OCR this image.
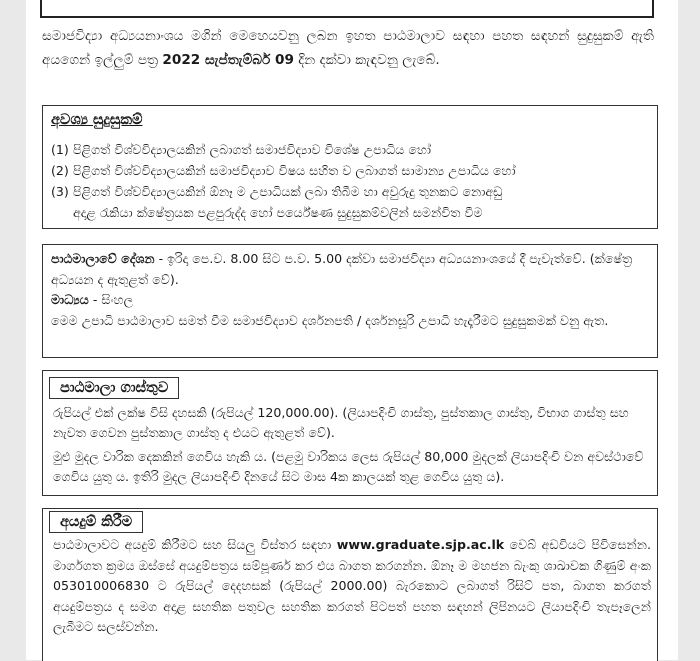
සමාජවිද්‍යා අධ්‍යයනාංශය මගින් මෙහෙයවනු ලබන ඉහත පාඨමාලාව සඳහා පහත සඳහන් සුදුසුකම් ඇති අයගෙන් ඉල්ලුම් පත්‍ර 2022 සැප්තැම්බර් 09 දින දක්වා කැඳවනු ලැබේ.
අවශ්‍ය සුදුසුකම්
(1) පිළිගත් විශ්වවිද්‍යාලයකින් ලබාගත් සමාජවිද්‍යාව විශේෂ උපාධිය හෝ
(2) පිළිගත් විශ්වවිද්‍යාලයකින් සමාජවිද්‍යාව විෂය සහිත ව ලබාගත් සාමාන්‍ය උපාධිය හෝ
(3) පිළිගත් විශ්වවිද්‍යාලයකින් ඕනෑ ම උපාධියක් ලබා තිබීම හා අවුරුදු තුනකට නොඅඩු
අදාළ රැකියා ක්ෂේත්‍රයක පළපුරුද්ද හෝ පර්යේෂණ සුදුසුකම්වලින් සමන්විත වීම
පාඨමාලාවේ දේශන - ඉරිදා පෙ.ව. 8.00 සිට ප.ව. 5.00 දක්වා සමාජවිද්‍යා අධ්‍යයනාංශයේ දී පැවැත්වේ. (ක්ෂේත්‍ර අධ්‍යයන ද ඇතුළත් වේ).
මාධ්‍යය - සිංහල
මෙම උපාධි පාඨමාලාව සමත් වීම සමාජවිද්‍යාව දර්ශනපති / දර්ශනසූරි උපාධි හැදෑරීමට සුදුසුකමක් වනු ඇත.
පාඨමාලා ගාස්තුව

රුපියල් එක් ලක්ෂ විසි දහසකි (රුපියල් 120,000.00). (ලියාපදිංචි ගාස්තු, පුස්තකාල ගාස්තු, විභාග ගාස්තු සහ නැවත ගෙවන පුස්තකාල ගාස්තු ද එයට ඇතුළත් වේ).

මුළු මුදල වාරික දෙකකින් ගෙවිය හැකි ය. (පළමු වාරිකය ලෙස රුපියල් 80,000 මුදලක් ලියාපදිංචි වන අවස්ථාවේ ගෙවිය යුතු ය. ඉතිරි මුදල ලියාපදිංචි දිනයේ සිට මාස 4ක කාලයක් තුළ ගෙවිය යුතු ය).

අයදුම් කිරීම
පාඨමාලාවට අයදුම් කිරීමට සහ සියලු විස්තර සඳහා www.graduate.sjp.ac.lk වෙබ් අඩවියට පිවිසෙන්න. මාර්ගගත ක්‍රමය ඔස්සේ අයදුම්පත්‍රය සම්පූර්ණ කර එය බාගත කරගන්න. ඕනෑ ම මහජන බැංකු ශාඛාවක ගිණුම් අංක 053010006830 ට රුපියල් දෙදහසක් (රුපියල් 2000.00) බැරකොට ලබාගත් රිසිට් පත, බාගත කරගත් අයදුම්පත්‍රය ද සමග අදාළ සහතික පතුවල සහතික කරගත් පිටපත් පහත සඳහන් ලිපිනයට ලියාපදිංචි තැපෑලෙන් ලැබීමට සලස්වන්න.
